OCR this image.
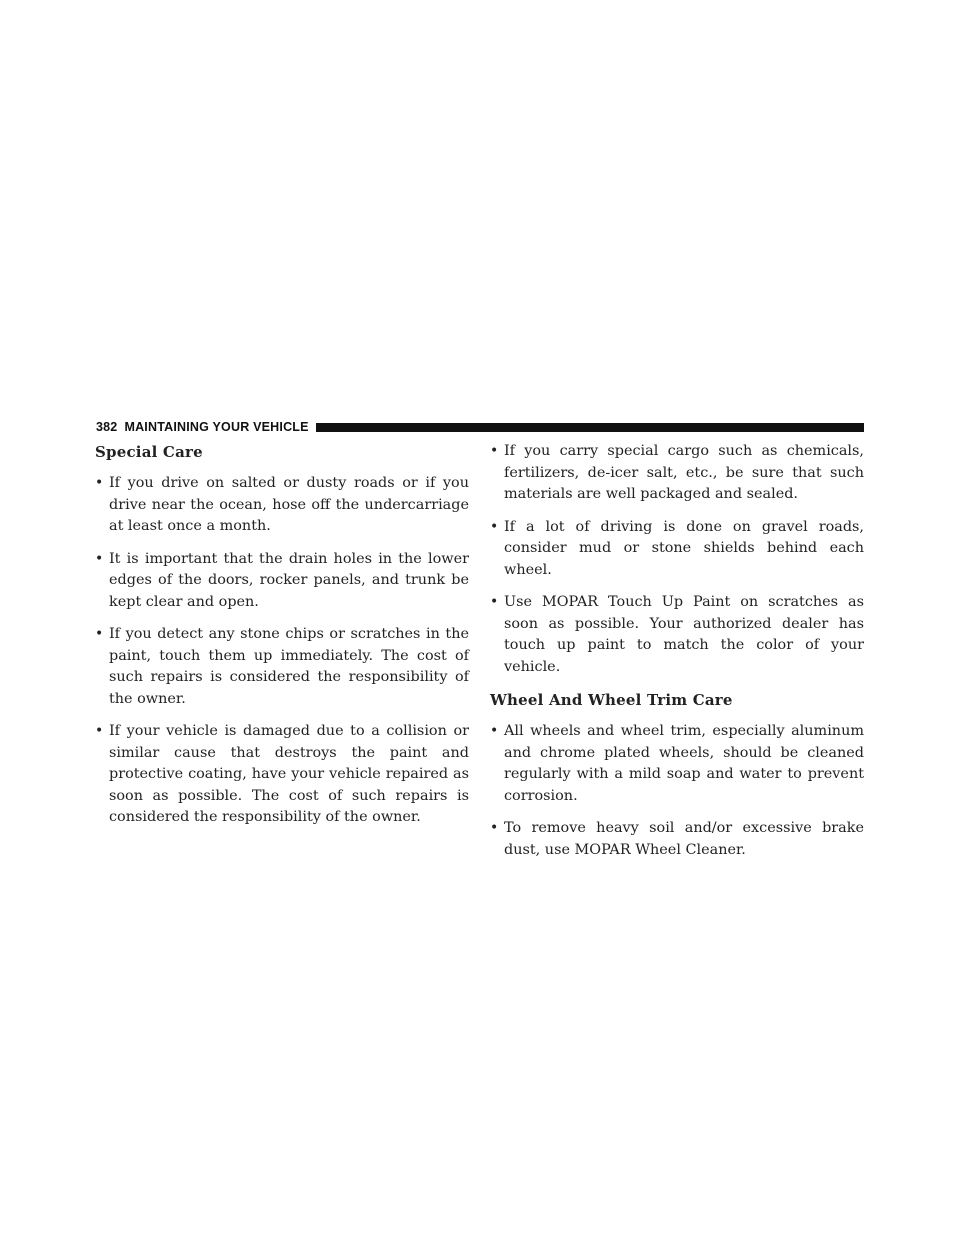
382 MAINTAINING YOUR VEHICLE
Special Care
• If you drive on salted or dusty roads or if you drive near the ocean, hose off the undercarriage at least once a month.
• It is important that the drain holes in the lower edges of the doors, rocker panels, and trunk be kept clear and open.
• If you detect any stone chips or scratches in the paint, touch them up immediately. The cost of such repairs is considered the responsibility of the owner.
• If your vehicle is damaged due to a collision or similar cause that destroys the paint and protective coating, have your vehicle repaired as soon as possible. The cost of such repairs is considered the responsibility of the owner.
• If you carry special cargo such as chemicals, fertilizers, de-icer salt, etc., be sure that such materials are well packaged and sealed.
• If a lot of driving is done on gravel roads, consider mud or stone shields behind each wheel.
• Use MOPAR Touch Up Paint on scratches as soon as possible. Your authorized dealer has touch up paint to match the color of your vehicle.
Wheel And Wheel Trim Care
• All wheels and wheel trim, especially aluminum and chrome plated wheels, should be cleaned regularly with a mild soap and water to prevent corrosion.
• To remove heavy soil and/or excessive brake dust, use MOPAR Wheel Cleaner.
